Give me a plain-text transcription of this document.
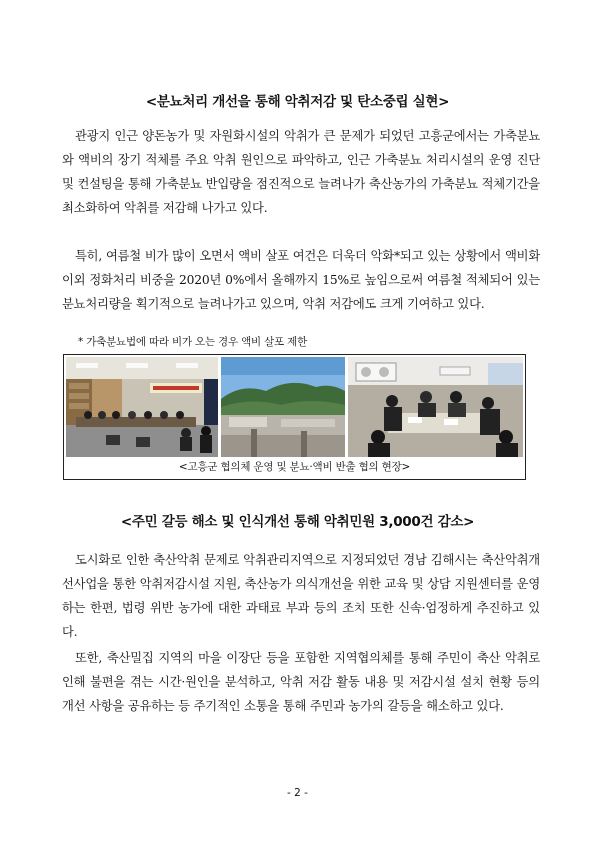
<분뇨처리 개선을 통해 악취저감 및 탄소중립 실현>

관광지 인근 양돈농가 및 자원화시설의 악취가 큰 문제가 되었던 고흥군에서는 가축분뇨와 액비의 장기 적체를 주요 악취 원인으로 파악하고, 인근 가축분뇨 처리시설의 운영 진단 및 컨설팅을 통해 가축분뇨 반입량을 점진적으로 늘려나가 축산농가의 가축분뇨 적체기간을 최소화하여 악취를 저감해 나가고 있다.

특히, 여름철 비가 많이 오면서 액비 살포 여건은 더욱더 악화*되고 있는 상황에서 액비화 이외 정화처리 비중을 2020년 0%에서 올해까지 15%로 높임으로써 여름철 적체되어 있는 분뇨처리량을 획기적으로 늘려나가고 있으며, 악취 저감에도 크게 기여하고 있다.

* 가축분뇨법에 따라 비가 오는 경우 액비 살포 제한
<고흥군 협의체 운영 및 분뇨·액비 반출 협의 현장>
<주민 갈등 해소 및 인식개선 통해 악취민원 3,000건 감소>

도시화로 인한 축산악취 문제로 악취관리지역으로 지정되었던 경남 김해시는 축산악취개선사업을 통한 악취저감시설 지원, 축산농가 의식개선을 위한 교육 및 상담 지원센터를 운영하는 한편, 법령 위반 농가에 대한 과태료 부과 등의 조치 또한 신속·엄정하게 추진하고 있다.

또한, 축산밀집 지역의 마을 이장단 등을 포함한 지역협의체를 통해 주민이 축산 악취로 인해 불편을 겪는 시간·원인을 분석하고, 악취 저감 활동 내용 및 저감시설 설치 현황 등의 개선 사항을 공유하는 등 주기적인 소통을 통해 주민과 농가의 갈등을 해소하고 있다.

- 2 -
